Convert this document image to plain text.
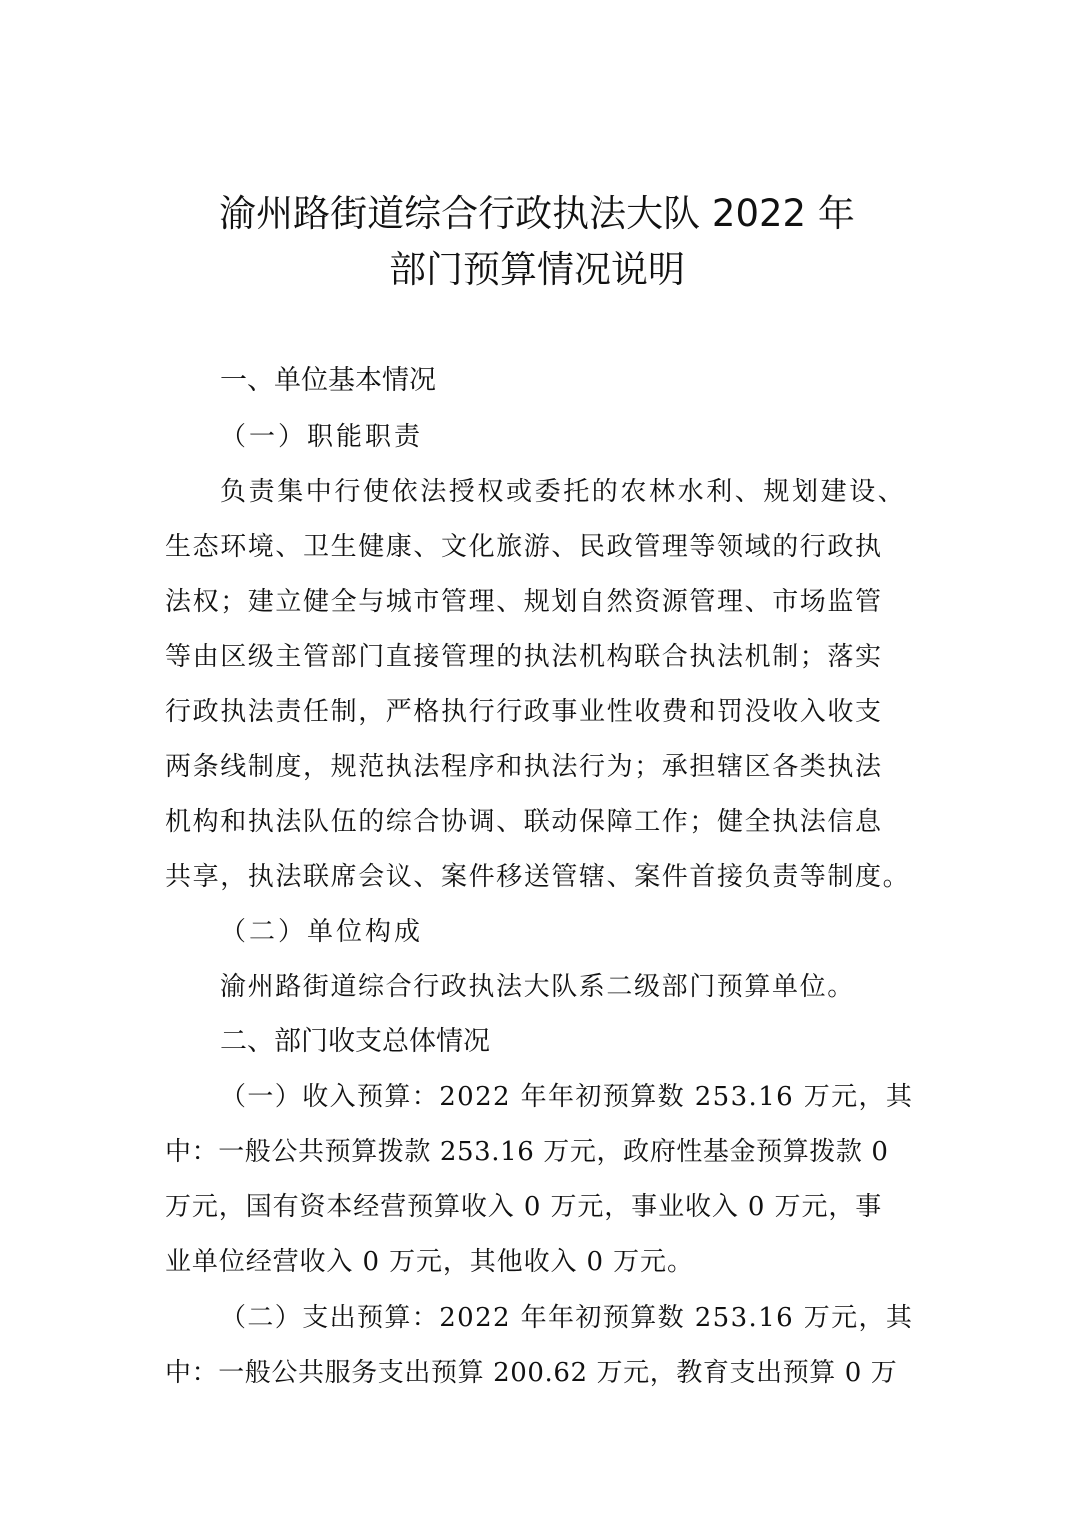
渝州路街道综合行政执法大队 2022 年
部门预算情况说明
一、单位基本情况
（一）职能职责
负责集中行使依法授权或委托的农林水利、规划建设、
生态环境、卫生健康、文化旅游、民政管理等领域的行政执
法权；建立健全与城市管理、规划自然资源管理、市场监管
等由区级主管部门直接管理的执法机构联合执法机制；落实
行政执法责任制，严格执行行政事业性收费和罚没收入收支
两条线制度，规范执法程序和执法行为；承担辖区各类执法
机构和执法队伍的综合协调、联动保障工作；健全执法信息
共享，执法联席会议、案件移送管辖、案件首接负责等制度。
（二）单位构成
渝州路街道综合行政执法大队系二级部门预算单位。
二、部门收支总体情况
（一）收入预算：2022 年年初预算数 253.16 万元，其
中：一般公共预算拨款 253.16 万元，政府性基金预算拨款 0
万元，国有资本经营预算收入 0 万元，事业收入 0 万元，事
业单位经营收入 0 万元，其他收入 0 万元。
（二）支出预算：2022 年年初预算数 253.16 万元，其
中：一般公共服务支出预算 200.62 万元，教育支出预算 0 万
